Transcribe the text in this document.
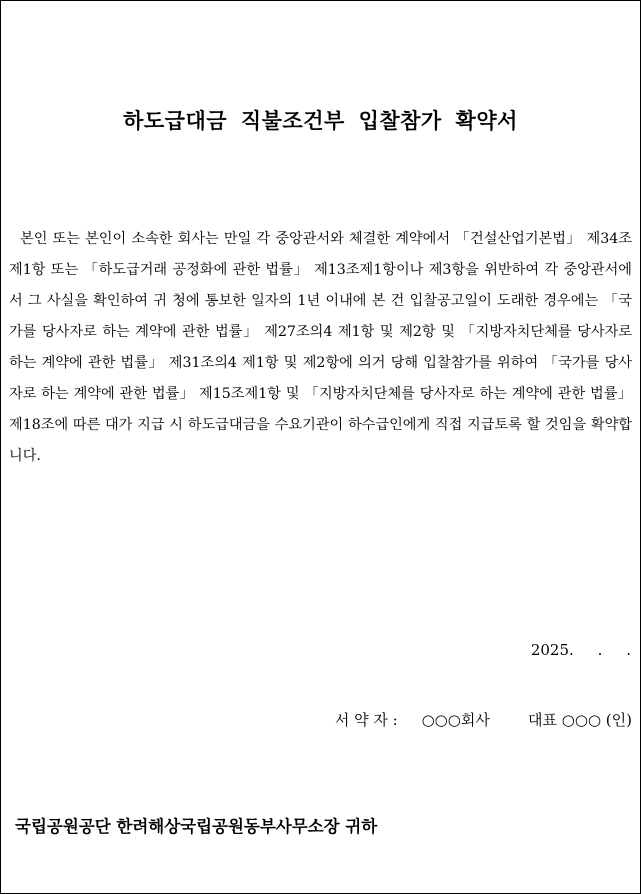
하도급대금 직불조건부 입찰참가 확약서

본인 또는 본인이 소속한 회사는 만일 각 중앙관서와 체결한 계약에서 「건설산업기본법」 제34조제1항 또는 「하도급거래 공정화에 관한 법률」 제13조제1항이나 제3항을 위반하여 각 중앙관서에서 그 사실을 확인하여 귀 청에 통보한 일자의 1년 이내에 본 건 입찰공고일이 도래한 경우에는 「국가를 당사자로 하는 계약에 관한 법률」 제27조의4 제1항 및 제2항 및 「지방자치단체를 당사자로 하는 계약에 관한 법률」 제31조의4 제1항 및 제2항에 의거 당해 입찰참가를 위하여 「국가를 당사자로 하는 계약에 관한 법률」 제15조제1항 및 「지방자치단체를 당사자로 하는 계약에 관한 법률」 제18조에 따른 대가 지급 시 하도급대금을 수요기관이 하수급인에게 직접 지급토록 할 것임을 확약합니다.

2025.     .     .
서 약 자 : ○○○회사	대표 ○○○ (인)
국립공원공단 한려해상국립공원동부사무소장 귀하
